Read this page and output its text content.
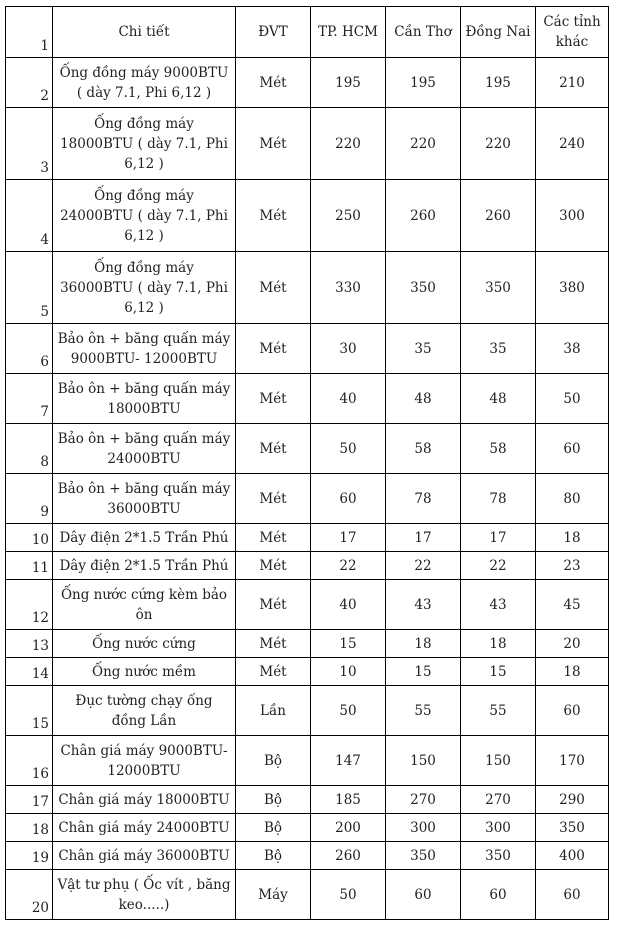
1	Chi tiết	ĐVT	TP. HCM	Cần Thơ	Đồng Nai	Các tỉnh khác
2	Ống đồng máy 9000BTU ( dày 7.1, Phi 6,12 )	Mét	195	195	195	210
3	Ống đồng máy 18000BTU ( dày 7.1, Phi 6,12 )	Mét	220	220	220	240
4	Ống đồng máy 24000BTU ( dày 7.1, Phi 6,12 )	Mét	250	260	260	300
5	Ống đồng máy 36000BTU ( dày 7.1, Phi 6,12 )	Mét	330	350	350	380
6	Bảo ôn + băng quấn máy 9000BTU- 12000BTU	Mét	30	35	35	38
7	Bảo ôn + băng quấn máy 18000BTU	Mét	40	48	48	50
8	Bảo ôn + băng quấn máy 24000BTU	Mét	50	58	58	60
9	Bảo ôn + băng quấn máy 36000BTU	Mét	60	78	78	80
10	Dây điện 2*1.5 Trần Phú	Mét	17	17	17	18
11	Dây điện 2*1.5 Trần Phú	Mét	22	22	22	23
12	Ống nước cứng kèm bảo ôn	Mét	40	43	43	45
13	Ống nước cứng	Mét	15	18	18	20
14	Ống nước mềm	Mét	10	15	15	18
15	Đục tường chạy ống đồng Lần	Lần	50	55	55	60
16	Chân giá máy 9000BTU- 12000BTU	Bộ	147	150	150	170
17	Chân giá máy 18000BTU	Bộ	185	270	270	290
18	Chân giá máy 24000BTU	Bộ	200	300	300	350
19	Chân giá máy 36000BTU	Bộ	260	350	350	400
20	Vật tư phụ ( Ốc vít , băng keo.....)	Máy	50	60	60	60
